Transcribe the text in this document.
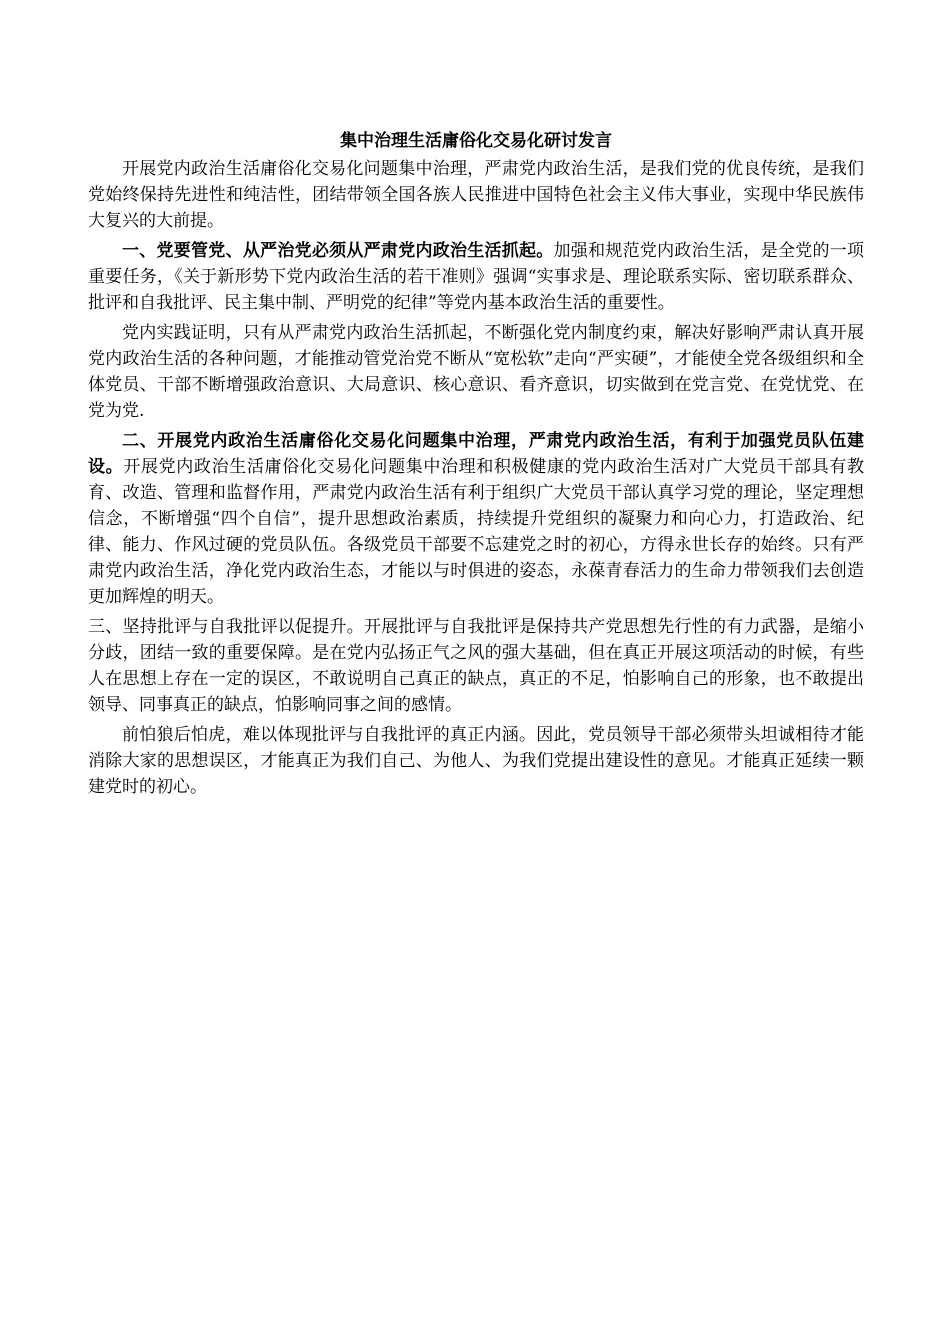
集中治理生活庸俗化交易化研讨发言

开展党内政治生活庸俗化交易化问题集中治理，严肃党内政治生活，是我们党的优良传统，是我们党始终保持先进性和纯洁性，团结带领全国各族人民推进中国特色社会主义伟大事业，实现中华民族伟大复兴的大前提。

一、党要管党、从严治党必须从严肃党内政治生活抓起。加强和规范党内政治生活，是全党的一项重要任务，《关于新形势下党内政治生活的若干准则》强调“实事求是、理论联系实际、密切联系群众、批评和自我批评、民主集中制、严明党的纪律”等党内基本政治生活的重要性。

党内实践证明，只有从严肃党内政治生活抓起，不断强化党内制度约束，解决好影响严肃认真开展党内政治生活的各种问题，才能推动管党治党不断从“宽松软”走向“严实硬”，才能使全党各级组织和全体党员、干部不断增强政治意识、大局意识、核心意识、看齐意识，切实做到在党言党、在党忧党、在党为党.

二、开展党内政治生活庸俗化交易化问题集中治理，严肃党内政治生活，有利于加强党员队伍建设。开展党内政治生活庸俗化交易化问题集中治理和积极健康的党内政治生活对广大党员干部具有教育、改造、管理和监督作用，严肃党内政治生活有利于组织广大党员干部认真学习党的理论，坚定理想信念，不断增强“四个自信”，提升思想政治素质，持续提升党组织的凝聚力和向心力，打造政治、纪律、能力、作风过硬的党员队伍。各级党员干部要不忘建党之时的初心，方得永世长存的始终。只有严肃党内政治生活，净化党内政治生态，才能以与时俱进的姿态，永葆青春活力的生命力带领我们去创造更加辉煌的明天。

三、坚持批评与自我批评以促提升。开展批评与自我批评是保持共产党思想先行性的有力武器，是缩小分歧，团结一致的重要保障。是在党内弘扬正气之风的强大基础，但在真正开展这项活动的时候，有些人在思想上存在一定的误区，不敢说明自己真正的缺点，真正的不足，怕影响自己的形象，也不敢提出领导、同事真正的缺点，怕影响同事之间的感情。

前怕狼后怕虎，难以体现批评与自我批评的真正内涵。因此，党员领导干部必须带头坦诚相待才能消除大家的思想误区，才能真正为我们自己、为他人、为我们党提出建设性的意见。才能真正延续一颗建党时的初心。
